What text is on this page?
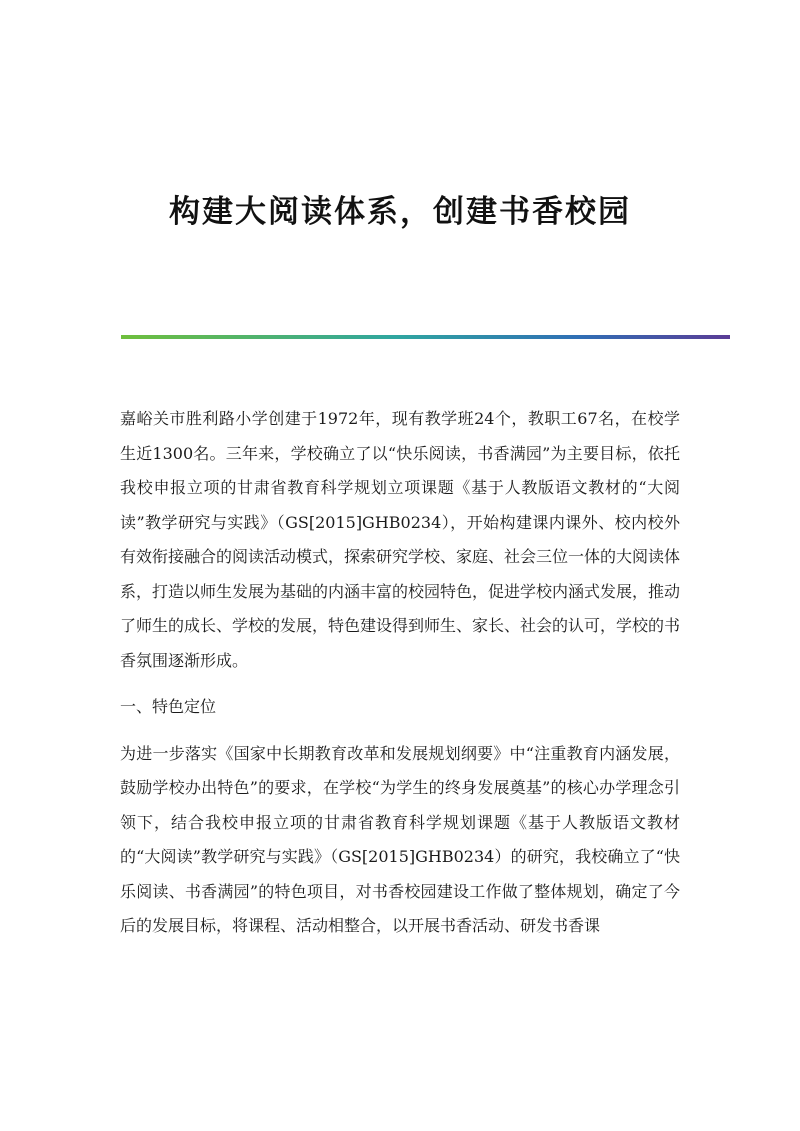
构建大阅读体系，创建书香校园

嘉峪关市胜利路小学创建于1972年，现有教学班24个，教职工67名，在校学生近1300名。三年来，学校确立了以“快乐阅读，书香满园”为主要目标，依托我校申报立项的甘肃省教育科学规划立项课题《基于人教版语文教材的“大阅读”教学研究与实践》（GS[2015]GHB0234），开始构建课内课外、校内校外有效衔接融合的阅读活动模式，探索研究学校、家庭、社会三位一体的大阅读体系，打造以师生发展为基础的内涵丰富的校园特色，促进学校内涵式发展，推动了师生的成长、学校的发展，特色建设得到师生、家长、社会的认可，学校的书香氛围逐渐形成。

一、特色定位

为进一步落实《国家中长期教育改革和发展规划纲要》中“注重教育内涵发展，鼓励学校办出特色”的要求，在学校“为学生的终身发展奠基”的核心办学理念引领下，结合我校申报立项的甘肃省教育科学规划课题《基于人教版语文教材的“大阅读”教学研究与实践》（GS[2015]GHB0234）的研究，我校确立了“快乐阅读、书香满园”的特色项目，对书香校园建设工作做了整体规划，确定了今后的发展目标，将课程、活动相整合，以开展书香活动、研发书香课
